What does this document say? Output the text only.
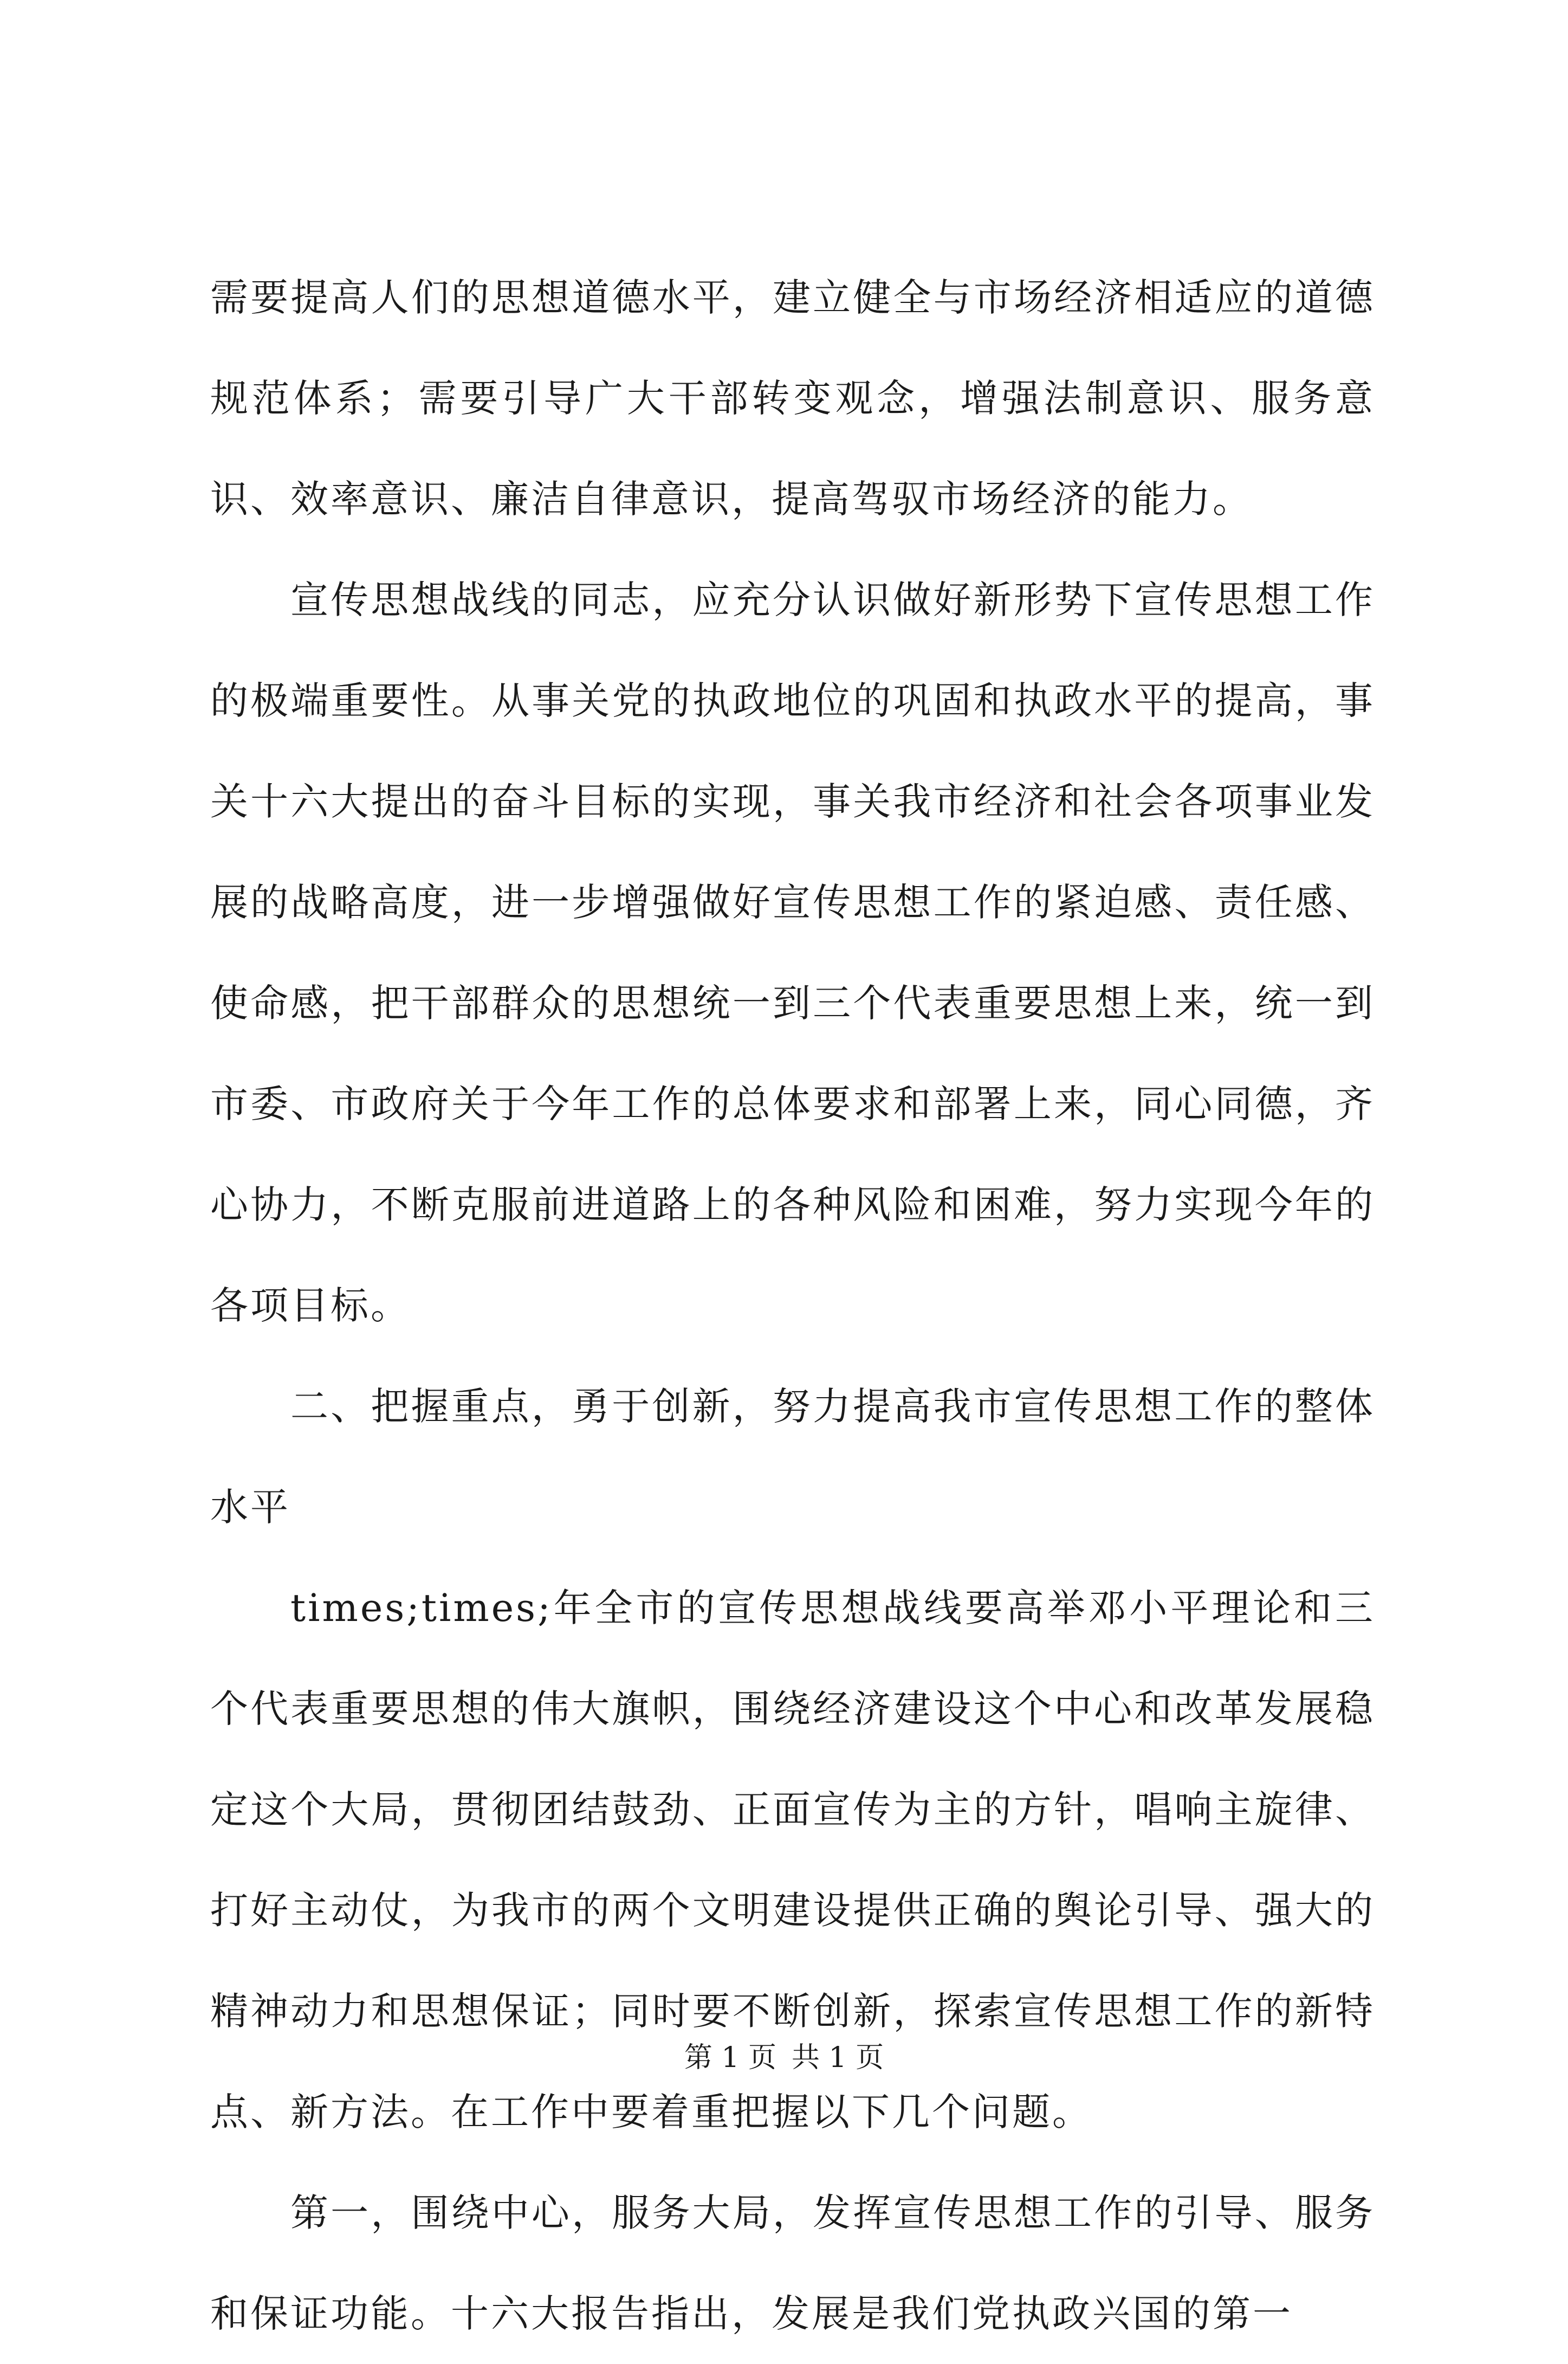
需要提高人们的思想道德水平，建立健全与市场经济相适应的道德规范体系；需要引导广大干部转变观念，增强法制意识、服务意识、效率意识、廉洁自律意识，提高驾驭市场经济的能力。

宣传思想战线的同志，应充分认识做好新形势下宣传思想工作的极端重要性。从事关党的执政地位的巩固和执政水平的提高，事关十六大提出的奋斗目标的实现，事关我市经济和社会各项事业发展的战略高度，进一步增强做好宣传思想工作的紧迫感、责任感、使命感，把干部群众的思想统一到三个代表重要思想上来，统一到市委、市政府关于今年工作的总体要求和部署上来，同心同德，齐心协力，不断克服前进道路上的各种风险和困难，努力实现今年的各项目标。

二、把握重点，勇于创新，努力提高我市宣传思想工作的整体水平

times;times;年全市的宣传思想战线要高举邓小平理论和三个代表重要思想的伟大旗帜，围绕经济建设这个中心和改革发展稳定这个大局，贯彻团结鼓劲、正面宣传为主的方针，唱响主旋律、打好主动仗，为我市的两个文明建设提供正确的舆论引导、强大的精神动力和思想保证；同时要不断创新，探索宣传思想工作的新特点、新方法。在工作中要着重把握以下几个问题。

第一，围绕中心，服务大局，发挥宣传思想工作的引导、服务和保证功能。十六大报告指出，发展是我们党执政兴国的第一

第 1 页 共 1 页
